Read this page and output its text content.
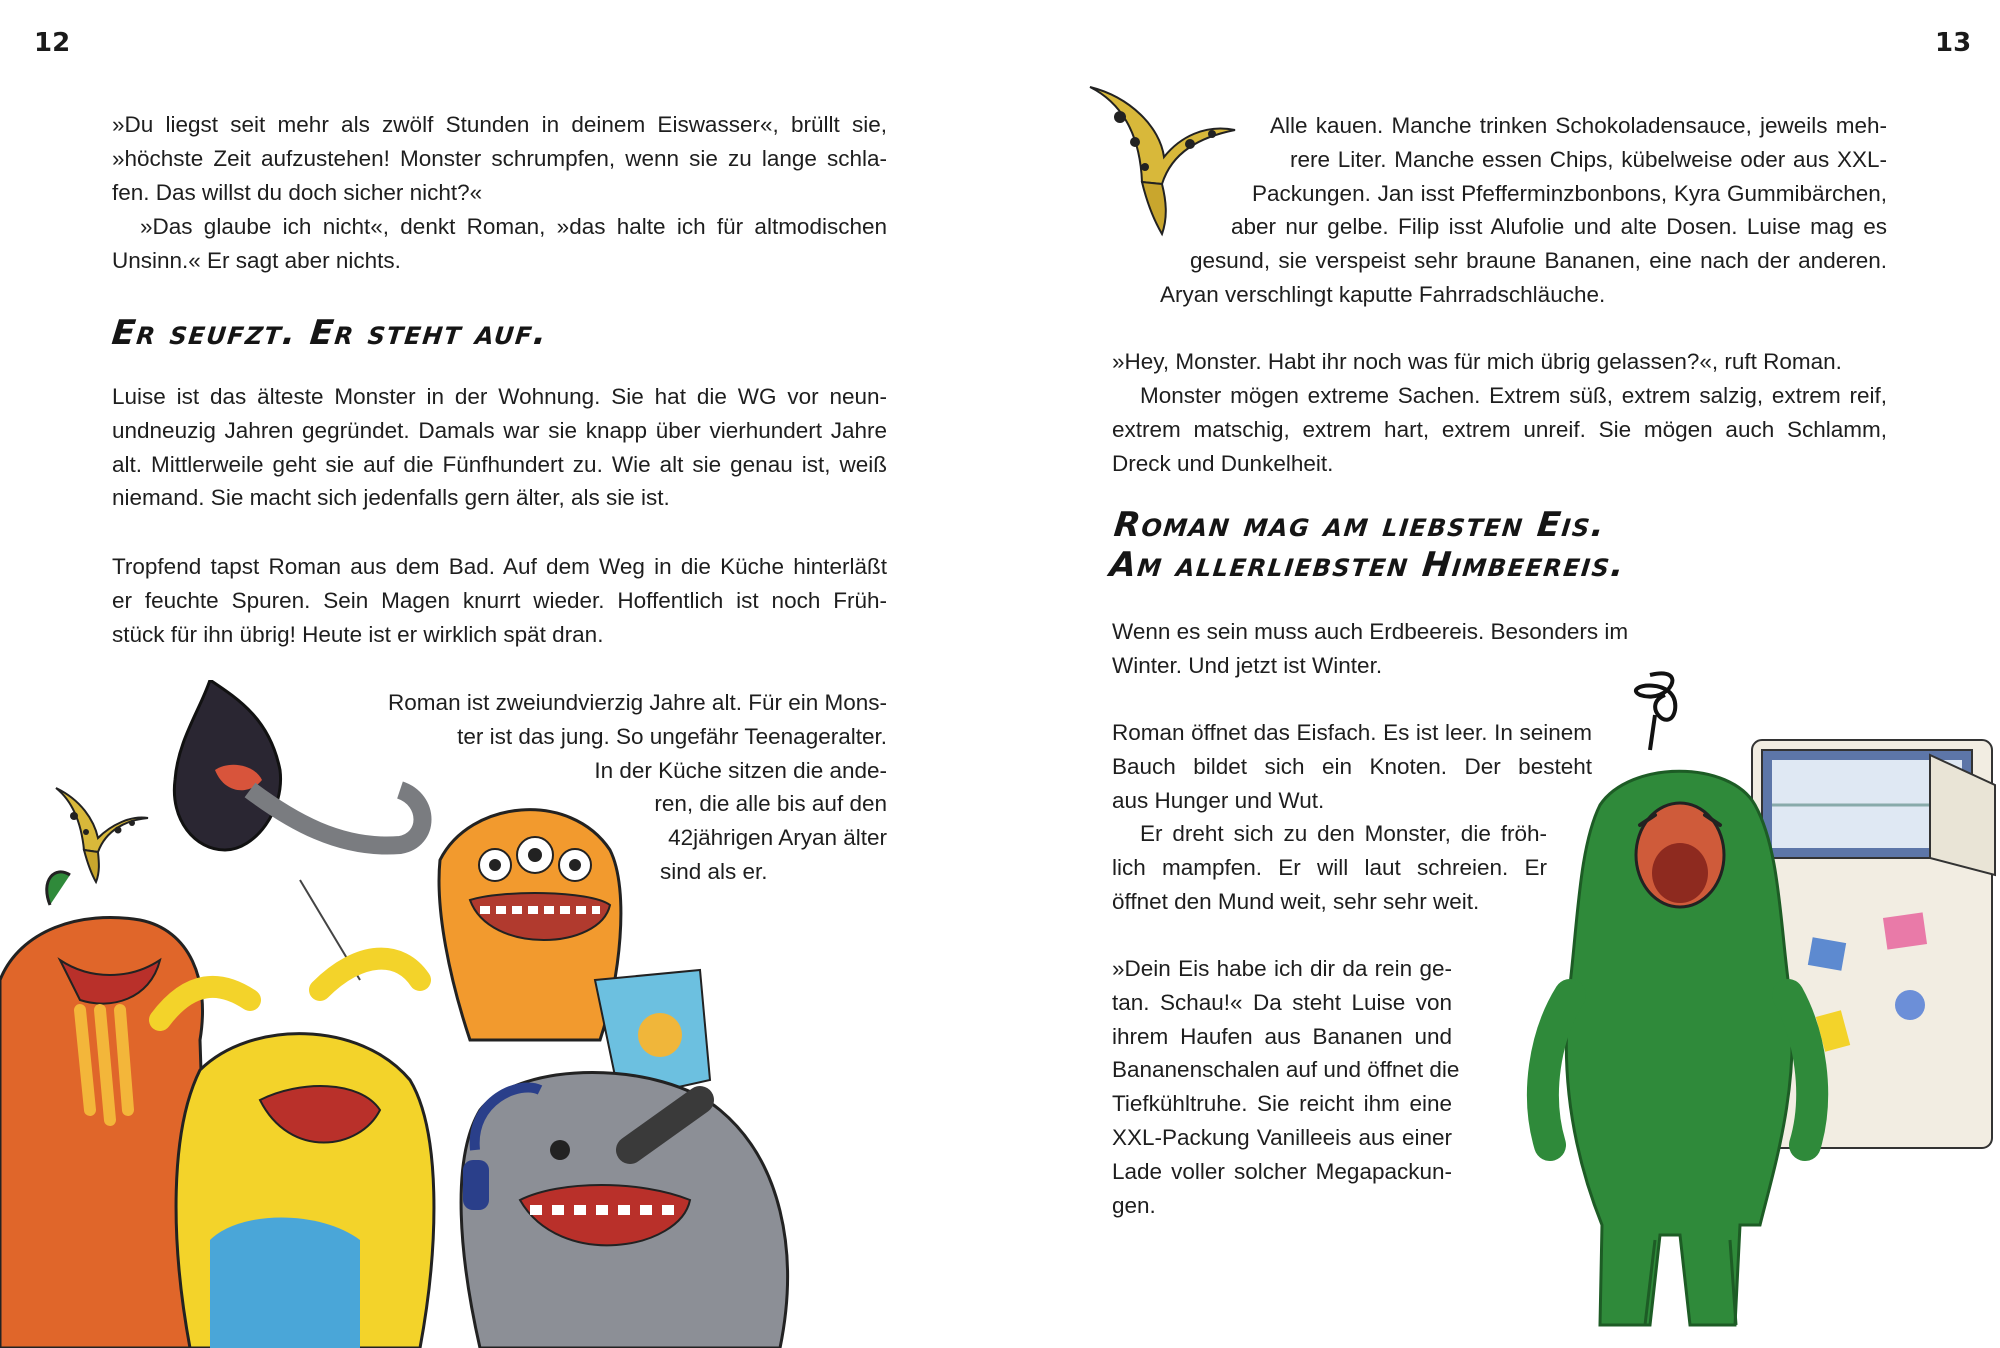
12

»Du liegst seit mehr als zwölf Stunden in deinem Eiswasser«, brüllt sie,
»höchste Zeit aufzustehen! Monster schrumpfen, wenn sie zu lange schla-
fen. Das willst du doch sicher nicht?«

»Das glaube ich nicht«, denkt Roman, »das halte ich für altmodischen
Unsinn.« Er sagt aber nichts.

Er seufzt. Er steht auf.

Luise ist das älteste Monster in der Wohnung. Sie hat die WG vor neun-
undneuzig Jahren gegründet. Damals war sie knapp über vierhundert Jahre
alt. Mittlerweile geht sie auf die Fünfhundert zu. Wie alt sie genau ist, weiß
niemand. Sie macht sich jedenfalls gern älter, als sie ist.

Tropfend tapst Roman aus dem Bad. Auf dem Weg in die Küche hinterläßt
er feuchte Spuren. Sein Magen knurrt wieder. Hoffentlich ist noch Früh-
stück für ihn übrig! Heute ist er wirklich spät dran.

Roman ist zweiundvierzig Jahre alt. Für ein Mons-
ter ist das jung. So ungefähr Teenageralter.
In der Küche sitzen die ande-
ren, die alle bis auf den
42jährigen Aryan älter
sind als er.

13

Alle kauen. Manche trinken Schokoladensauce, jeweils meh-
rere Liter. Manche essen Chips, kübelweise oder aus XXL-
Packungen. Jan isst Pfefferminzbonbons, Kyra Gummibärchen,
aber nur gelbe. Filip isst Alufolie und alte Dosen. Luise mag es
gesund, sie verspeist sehr braune Bananen, eine nach der anderen.
Aryan verschlingt kaputte Fahrradschläuche.

»Hey, Monster. Habt ihr noch was für mich übrig gelassen?«, ruft Roman.

Monster mögen extreme Sachen. Extrem süß, extrem salzig, extrem reif,
extrem matschig, extrem hart, extrem unreif. Sie mögen auch Schlamm,
Dreck und Dunkelheit.

Roman mag am liebsten Eis.
Am allerliebsten Himbeereis.

Wenn es sein muss auch Erdbeereis. Besonders im
Winter. Und jetzt ist Winter.

Roman öffnet das Eisfach. Es ist leer. In seinem
Bauch bildet sich ein Knoten. Der besteht
aus Hunger und Wut.

Er dreht sich zu den Monster, die fröh-
lich mampfen. Er will laut schreien. Er
öffnet den Mund weit, sehr sehr weit.

»Dein Eis habe ich dir da rein ge-
tan. Schau!« Da steht Luise von
ihrem Haufen aus Bananen und
Bananenschalen auf und öffnet die
Tiefkühltruhe. Sie reicht ihm eine
XXL-Packung Vanilleeis aus einer
Lade voller solcher Megapackun-
gen.
